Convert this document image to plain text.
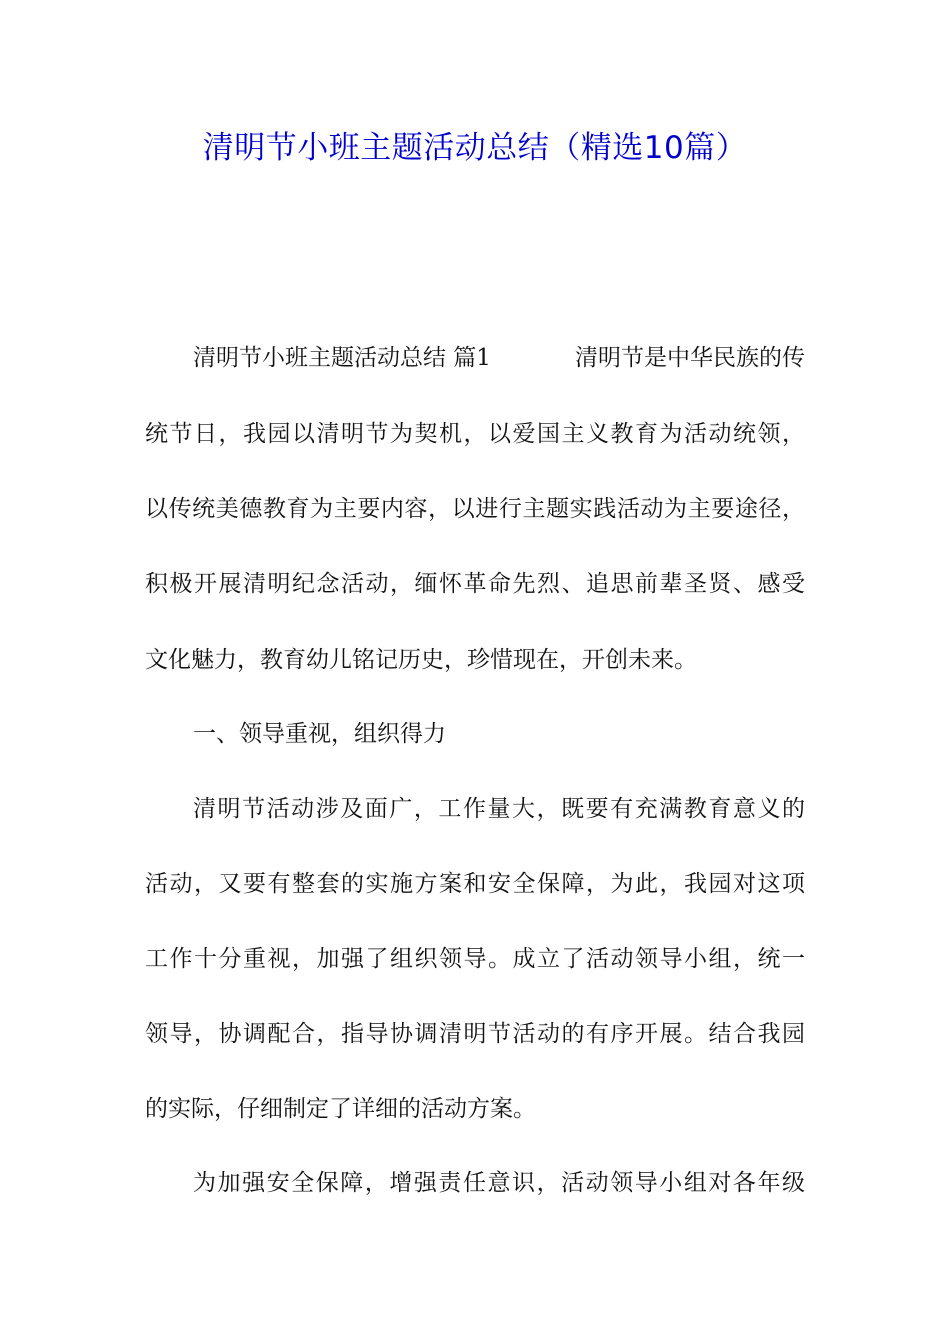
清明节小班主题活动总结（精选10篇）
清明节小班主题活动总结 篇1	清明节是中华民族的传
统节日，我园以清明节为契机，以爱国主义教育为活动统领，
以传统美德教育为主要内容，以进行主题实践活动为主要途径，
积极开展清明纪念活动，缅怀革命先烈、追思前辈圣贤、感受
文化魅力，教育幼儿铭记历史，珍惜现在，开创未来。
一、领导重视，组织得力
清明节活动涉及面广，工作量大，既要有充满教育意义的
活动，又要有整套的实施方案和安全保障，为此，我园对这项
工作十分重视，加强了组织领导。成立了活动领导小组，统一
领导，协调配合，指导协调清明节活动的有序开展。结合我园
的实际，仔细制定了详细的活动方案。
为加强安全保障，增强责任意识，活动领导小组对各年级
